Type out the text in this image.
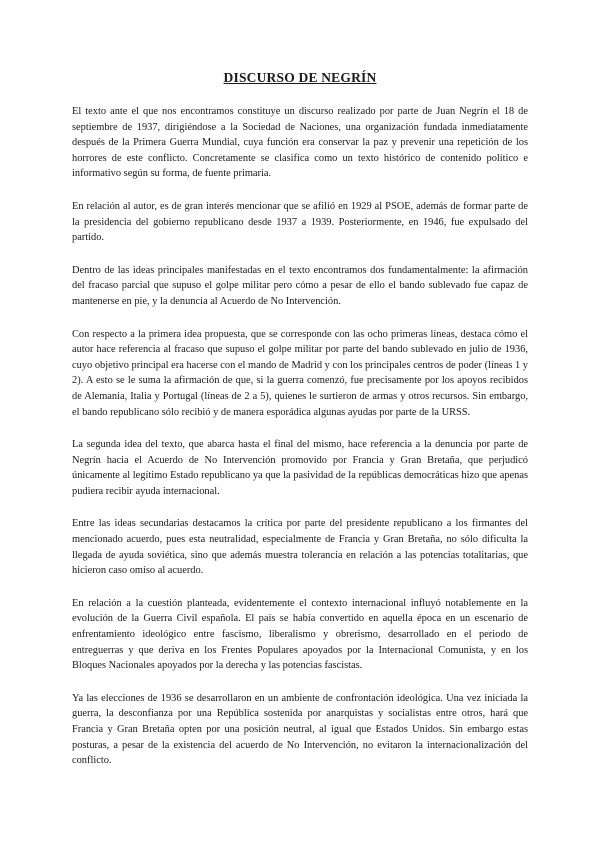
DISCURSO DE NEGRÍN

El texto ante el que nos encontramos constituye un discurso realizado por parte de Juan Negrín el 18 de septiembre de 1937, dirigiéndose a la Sociedad de Naciones, una organización fundada inmediatamente después de la Primera Guerra Mundial, cuya función era conservar la paz y prevenir una repetición de los horrores de este conflicto. Concretamente se clasifica como un texto histórico de contenido político e informativo según su forma, de fuente primaria.

En relación al autor, es de gran interés mencionar que se afilió en 1929 al PSOE, además de formar parte de la presidencia del gobierno republicano desde 1937 a 1939. Posteriormente, en 1946, fue expulsado del partido.

Dentro de las ideas principales manifestadas en el texto encontramos dos fundamentalmente: la afirmación del fracaso parcial que supuso el golpe militar pero cómo a pesar de ello el bando sublevado fue capaz de mantenerse en pie, y la denuncia al Acuerdo de No Intervención.

Con respecto a la primera idea propuesta, que se corresponde con las ocho primeras líneas, destaca cómo el autor hace referencia al fracaso que supuso el golpe militar por parte del bando sublevado en julio de 1936, cuyo objetivo principal era hacerse con el mando de Madrid y con los principales centros de poder (líneas 1 y 2). A esto se le suma la afirmación de que, si la guerra comenzó, fue precisamente por los apoyos recibidos de Alemania, Italia y Portugal (líneas de 2 a 5), quienes le surtieron de armas y otros recursos. Sin embargo, el bando republicano sólo recibió y de manera esporádica algunas ayudas por parte de la URSS.

La segunda idea del texto, que abarca hasta el final del mismo, hace referencia a la denuncia por parte de Negrín hacia el Acuerdo de No Intervención promovido por Francia y Gran Bretaña, que perjudicó únicamente al legítimo Estado republicano ya que la pasividad de la repúblicas democráticas hizo que apenas pudiera recibir ayuda internacional.

Entre las ideas secundarias destacamos la crítica por parte del presidente republicano a los firmantes del mencionado acuerdo, pues esta neutralidad, especialmente de Francia y Gran Bretaña, no sólo dificulta la llegada de ayuda soviética, sino que además muestra tolerancia en relación a las potencias totalitarias, que hicieron caso omiso al acuerdo.

En relación a la cuestión planteada, evidentemente el contexto internacional influyó notablemente en la evolución de la Guerra Civil española. El país se había convertido en aquella época en un escenario de enfrentamiento ideológico entre fascismo, liberalismo y obrerismo, desarrollado en el periodo de entreguerras y que deriva en los Frentes Populares apoyados por la Internacional Comunista, y en los Bloques Nacionales apoyados por la derecha y las potencias fascistas.

Ya las elecciones de 1936 se desarrollaron en un ambiente de confrontación ideológica. Una vez iniciada la guerra, la desconfianza por una República sostenida por anarquistas y socialistas entre otros, hará que Francia y Gran Bretaña opten por una posición neutral, al igual que Estados Unidos. Sin embargo estas posturas, a pesar de la existencia del acuerdo de No Intervención, no evitaron la internacionalización del conflicto.
